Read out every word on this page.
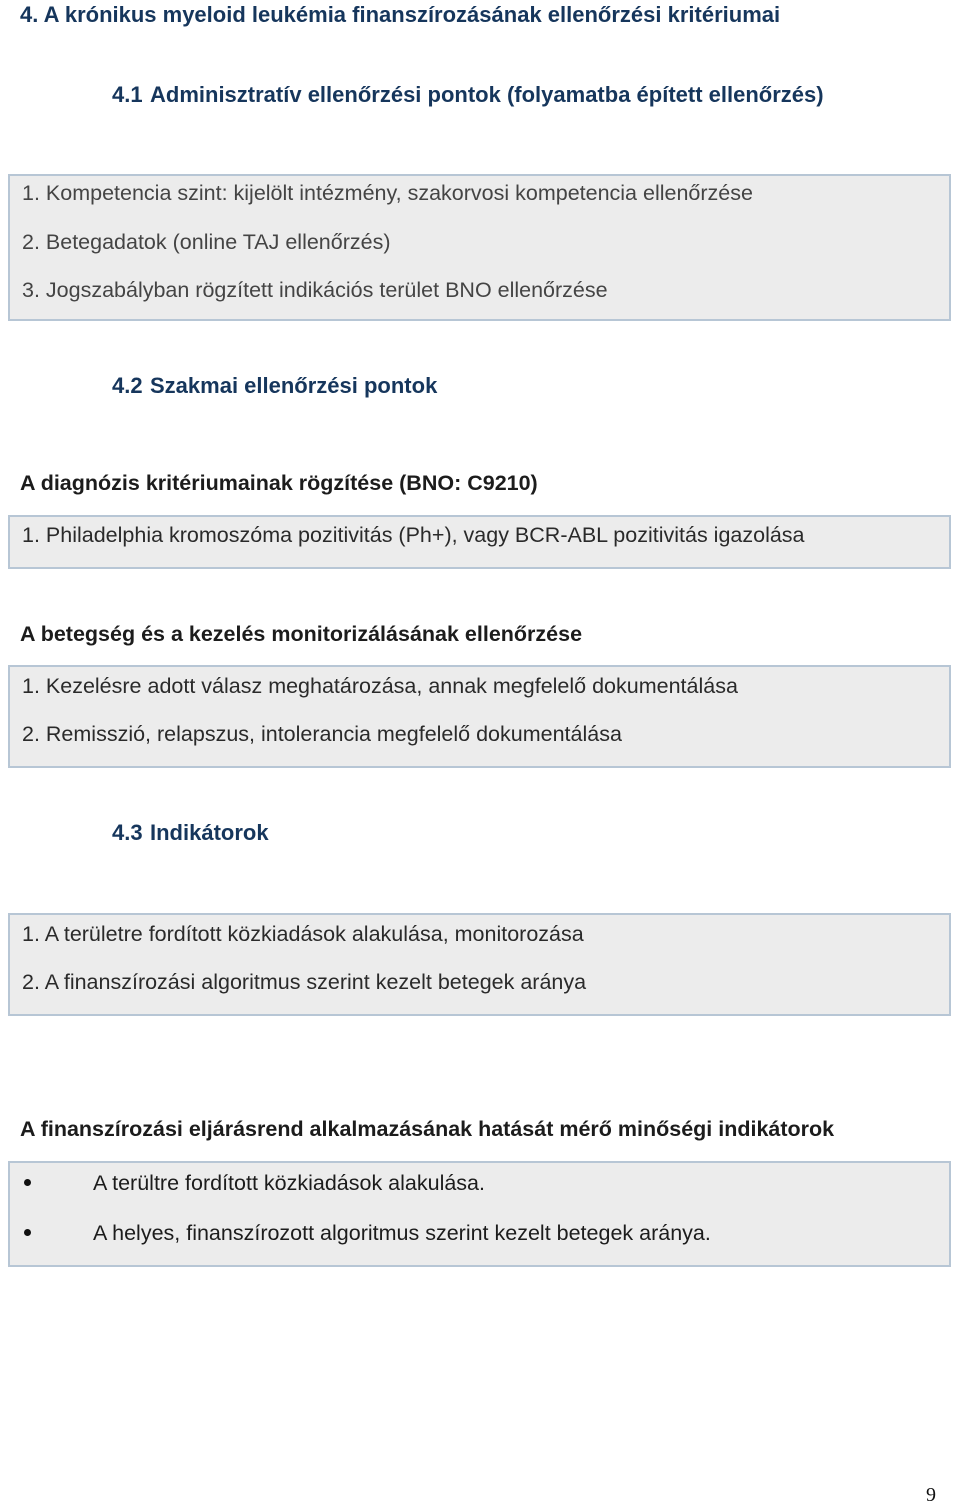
4. A krónikus myeloid leukémia finanszírozásának ellenőrzési kritériumai
4.1 Adminisztratív ellenőrzési pontok (folyamatba épített ellenőrzés)
1. Kompetencia szint: kijelölt intézmény, szakorvosi kompetencia ellenőrzése
2. Betegadatok (online TAJ ellenőrzés)
3. Jogszabályban rögzített indikációs terület BNO ellenőrzése
4.2 Szakmai ellenőrzési pontok
A diagnózis kritériumainak rögzítése (BNO: C9210)
1. Philadelphia kromoszóma pozitivitás (Ph+), vagy BCR-ABL pozitivitás igazolása
A betegség és a kezelés monitorizálásának ellenőrzése
1. Kezelésre adott válasz meghatározása, annak megfelelő dokumentálása
2. Remisszió, relapszus, intolerancia megfelelő dokumentálása
4.3 Indikátorok
1. A területre fordított közkiadások alakulása, monitorozása
2. A finanszírozási algoritmus szerint kezelt betegek aránya
A finanszírozási eljárásrend alkalmazásának hatását mérő minőségi indikátorok
A terültre fordított közkiadások alakulása.
A helyes, finanszírozott algoritmus szerint kezelt betegek aránya.
9
